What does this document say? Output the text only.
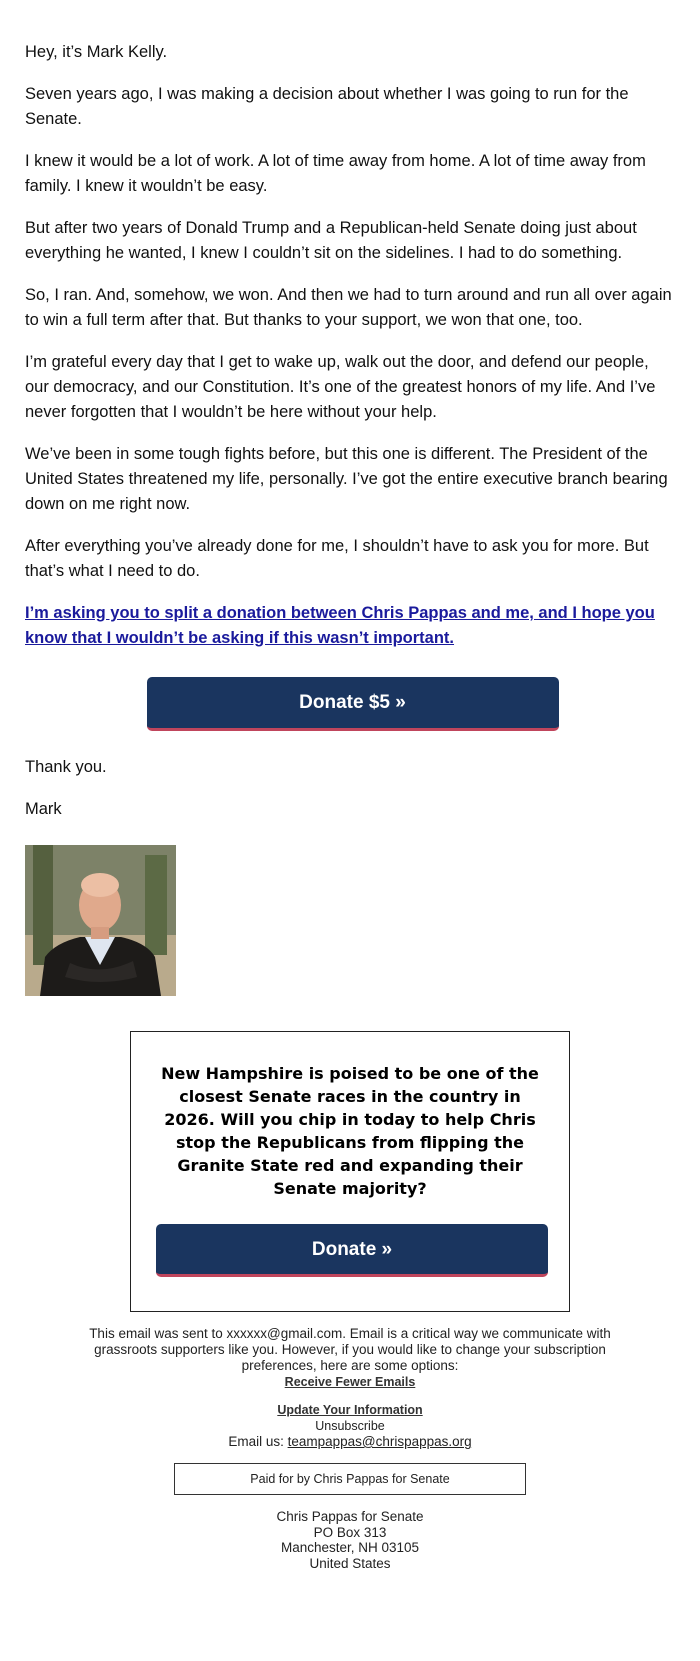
Hey, it’s Mark Kelly.

Seven years ago, I was making a decision about whether I was going to run for the Senate.

I knew it would be a lot of work. A lot of time away from home. A lot of time away from family. I knew it wouldn’t be easy.

But after two years of Donald Trump and a Republican-held Senate doing just about everything he wanted, I knew I couldn’t sit on the sidelines. I had to do something.

So, I ran. And, somehow, we won. And then we had to turn around and run all over again to win a full term after that. But thanks to your support, we won that one, too.

I’m grateful every day that I get to wake up, walk out the door, and defend our people, our democracy, and our Constitution. It’s one of the greatest honors of my life. And I’ve never forgotten that I wouldn’t be here without your help.

We’ve been in some tough fights before, but this one is different. The President of the United States threatened my life, personally. I’ve got the entire executive branch bearing down on me right now.

After everything you’ve already done for me, I shouldn’t have to ask you for more. But that’s what I need to do.

I’m asking you to split a donation between Chris Pappas and me, and I hope you know that I wouldn’t be asking if this wasn’t important.

Donate $5 »

Thank you.

Mark

New Hampshire is poised to be one of the closest Senate races in the country in 2026. Will you chip in today to help Chris stop the Republicans from flipping the Granite State red and expanding their Senate majority?

Donate »

This email was sent to xxxxxx@gmail.com. Email is a critical way we communicate with grassroots supporters like you. However, if you would like to change your subscription preferences, here are some options:

Receive Fewer Emails

Update Your Information

Unsubscribe

Email us: teampappas@chrispappas.org

Paid for by Chris Pappas for Senate
Chris Pappas for Senate
PO Box 313
Manchester, NH 03105
United States
